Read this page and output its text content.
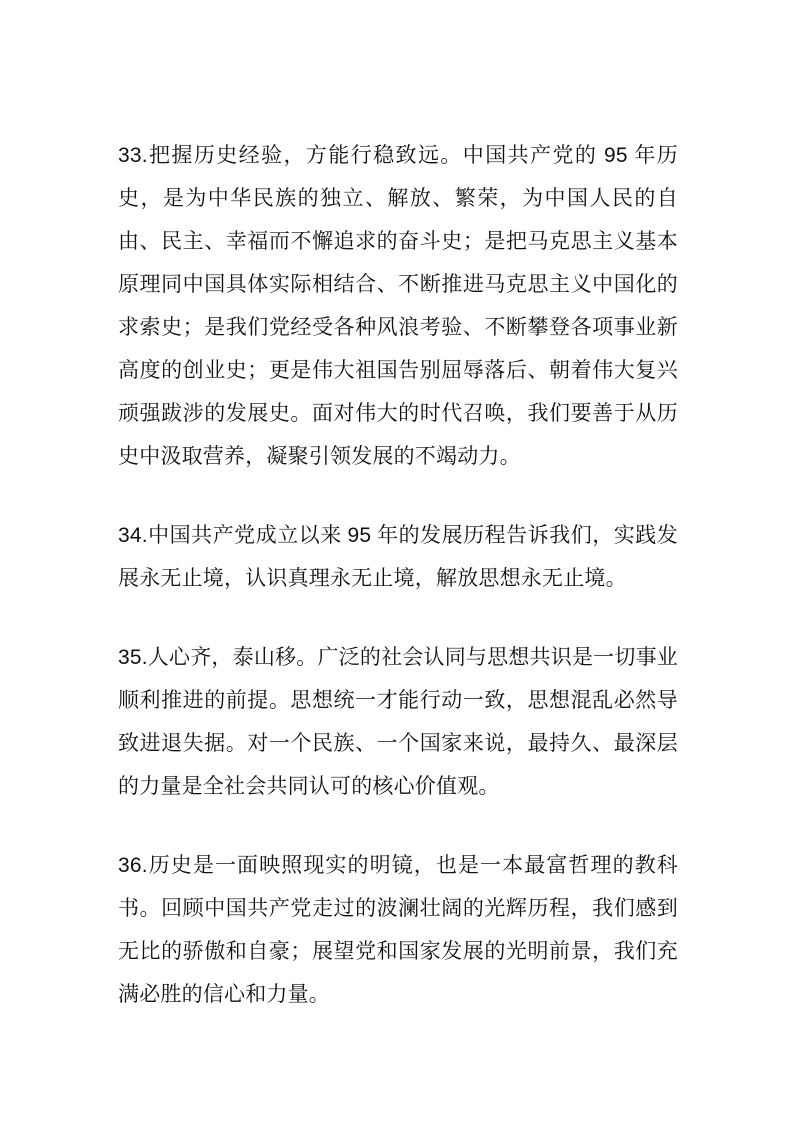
33.把握历史经验，方能行稳致远。中国共产党的 95 年历史，是为中华民族的独立、解放、繁荣，为中国人民的自由、民主、幸福而不懈追求的奋斗史；是把马克思主义基本原理同中国具体实际相结合、不断推进马克思主义中国化的求索史；是我们党经受各种风浪考验、不断攀登各项事业新高度的创业史；更是伟大祖国告别屈辱落后、朝着伟大复兴顽强跋涉的发展史。面对伟大的时代召唤，我们要善于从历史中汲取营养，凝聚引领发展的不竭动力。

34.中国共产党成立以来 95 年的发展历程告诉我们，实践发展永无止境，认识真理永无止境，解放思想永无止境。

35.人心齐，泰山移。广泛的社会认同与思想共识是一切事业顺利推进的前提。思想统一才能行动一致，思想混乱必然导致进退失据。对一个民族、一个国家来说，最持久、最深层的力量是全社会共同认可的核心价值观。

36.历史是一面映照现实的明镜，也是一本最富哲理的教科书。回顾中国共产党走过的波澜壮阔的光辉历程，我们感到无比的骄傲和自豪；展望党和国家发展的光明前景，我们充满必胜的信心和力量。
